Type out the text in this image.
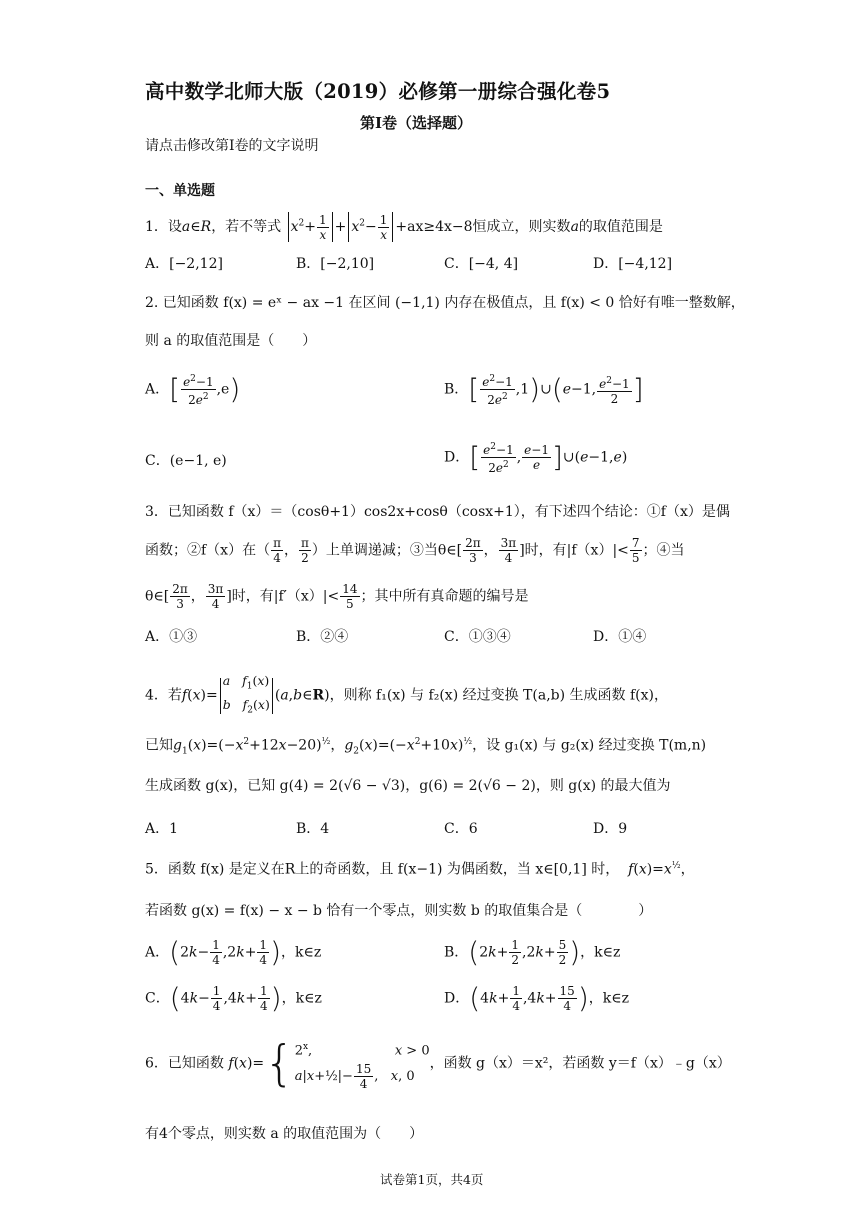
高中数学北师大版（2019）必修第一册综合强化卷5
第I卷（选择题）
请点击修改第I卷的文字说明
一、单选题
1．设a∈R，若不等式 $x^2+ \frac{1}{x} + x^2- \frac{1}{x} +ax\ge 4x-8$恒成立，则实数a的取值范围是
A．[−2,12]	B．[−2,10]	C．[−4, 4]	D．[−4,12]
2. 已知函数 f(x) = eˣ − ax −1 在区间 (−1,1) 内存在极值点，且 f(x) < 0 恰好有唯一整数解，
则 a 的取值范围是（　　）
A．[ $\frac{e^2-1}{2e^2} ,e$)	B．[ $\frac{e^2-1}{2e^2}$ ,1)∪(e−1, $\frac{e^2-1}{2}$ ]
C．(e−1, e)	D．[ $\frac{e^2-1}{2e^2}$ , $\frac{e-1}{e}$ ]∪(e−1,e)
3．已知函数 f（x）＝（cosθ+1）cos2x+cosθ（cosx+1），有下述四个结论：①f（x）是偶
函数；②f（x）在（ $\frac{\pi}{4}$ ， $\frac{\pi}{2}$ ）上单调递减；③当θ∈[ $\frac{2\pi}{3}$ ， $\frac{3\pi}{4}$ ]时，有$|f(x)|< \frac{7}{5}$ ；④当
θ∈[ $\frac{2\pi}{3}$ ， $\frac{3\pi}{4}$ ]时，有$|f'(x)|< \frac{14}{5}$ ；其中所有真命题的编号是
A．①③	B．②④	C．①③④	D．①④
4．若f(x)=a $f_1(x)$
b $f_2(x)(a,b\in R)$，则称 f₁(x) 与 f₂(x) 经过变换 T(a,b) 生成函数 f(x)，
已知$g_1(x)=(-x^2+12x-20)^{\frac{1}{2}}$，$g_2(x)=(-x^2+10x)^{\frac{1}{2}}$，设 g₁(x) 与 g₂(x) 经过变换 T(m,n)
生成函数 g(x)，已知 g(4) = 2(√6 − √3)，g(6) = 2(√6 − 2)，则 g(x) 的最大值为
A．1	B．4	C．6	D．9
5．函数 f(x) 是定义在R上的奇函数，且 f(x−1) 为偶函数，当 x∈[0,1] 时， $f(x)=x^{\frac{1}{2}}$，
若函数 g(x) = f(x) − x − b 恰有一个零点，则实数 b 的取值集合是（　　　　）
A．($2k- \frac{1}{4} ,2k+ \frac{1}{4}$ )，k∈z	B．($2k+ \frac{1}{2} ,2k+ \frac{5}{2}$ )，k∈z
C．($4k- \frac{1}{4} ,4k+ \frac{1}{4}$ )，k∈z	D．($4k+ \frac{1}{4} ,4k+ \frac{15}{4}$ )，k∈z
6．已知函数 $f(x)=\{2^x$,                    x > 0
a|x+½|− $\frac{15}{4}$ ,   x, 0，函数 g（x）＝x²，若函数 y＝f（x）﹣g（x）
有4个零点，则实数 a 的取值范围为（　　）
试卷第1页，共4页
